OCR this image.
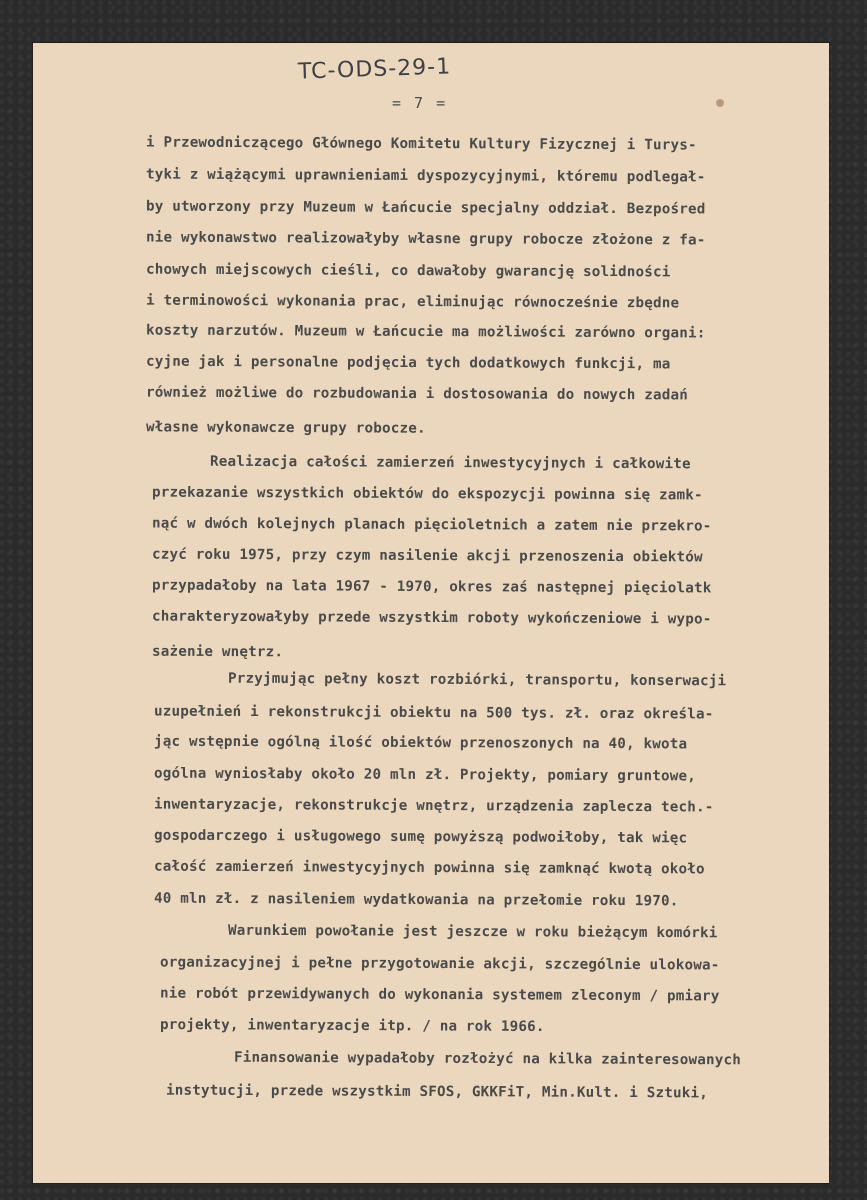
TC-ODS-29-1
= 7 =
i Przewodniczącego Głównego Komitetu Kultury Fizycznej i Turys-
tyki z wiążącymi uprawnieniami dyspozycyjnymi, któremu podlegał-
by utworzony przy Muzeum w Łańcucie specjalny oddział. Bezpośred
nie wykonawstwo realizowałyby własne grupy robocze złożone z fa-
chowych miejscowych cieśli, co dawałoby gwarancję solidności
i terminowości wykonania prac, eliminując równocześnie zbędne
koszty narzutów. Muzeum w Łańcucie ma możliwości zarówno organi:
cyjne jak i personalne podjęcia tych dodatkowych funkcji, ma
również możliwe do rozbudowania i dostosowania do nowych zadań
własne wykonawcze grupy robocze.
Realizacja całości zamierzeń inwestycyjnych i całkowite
przekazanie wszystkich obiektów do ekspozycji powinna się zamk-
nąć w dwóch kolejnych planach pięcioletnich a zatem nie przekro-
czyć roku 1975, przy czym nasilenie akcji przenoszenia obiektów
przypadałoby na lata 1967 - 1970, okres zaś następnej pięciolatk
charakteryzowałyby przede wszystkim roboty wykończeniowe i wypo-
sażenie wnętrz.
Przyjmując pełny koszt rozbiórki, transportu, konserwacji
uzupełnień i rekonstrukcji obiektu na 500 tys. zł. oraz określa-
jąc wstępnie ogólną ilość obiektów przenoszonych na 40, kwota
ogólna wyniosłaby około 20 mln zł. Projekty, pomiary gruntowe,
inwentaryzacje, rekonstrukcje wnętrz, urządzenia zaplecza tech.-
gospodarczego i usługowego sumę powyższą podwoiłoby, tak więc
całość zamierzeń inwestycyjnych powinna się zamknąć kwotą około
40 mln zł. z nasileniem wydatkowania na przełomie roku 1970.
Warunkiem powołanie jest jeszcze w roku bieżącym komórki
organizacyjnej i pełne przygotowanie akcji, szczególnie ulokowa-
nie robót przewidywanych do wykonania systemem zleconym / pmiary
projekty, inwentaryzacje itp. / na rok 1966.
Finansowanie wypadałoby rozłożyć na kilka zainteresowanych
instytucji, przede wszystkim SFOS, GKKFiT, Min.Kult. i Sztuki,
